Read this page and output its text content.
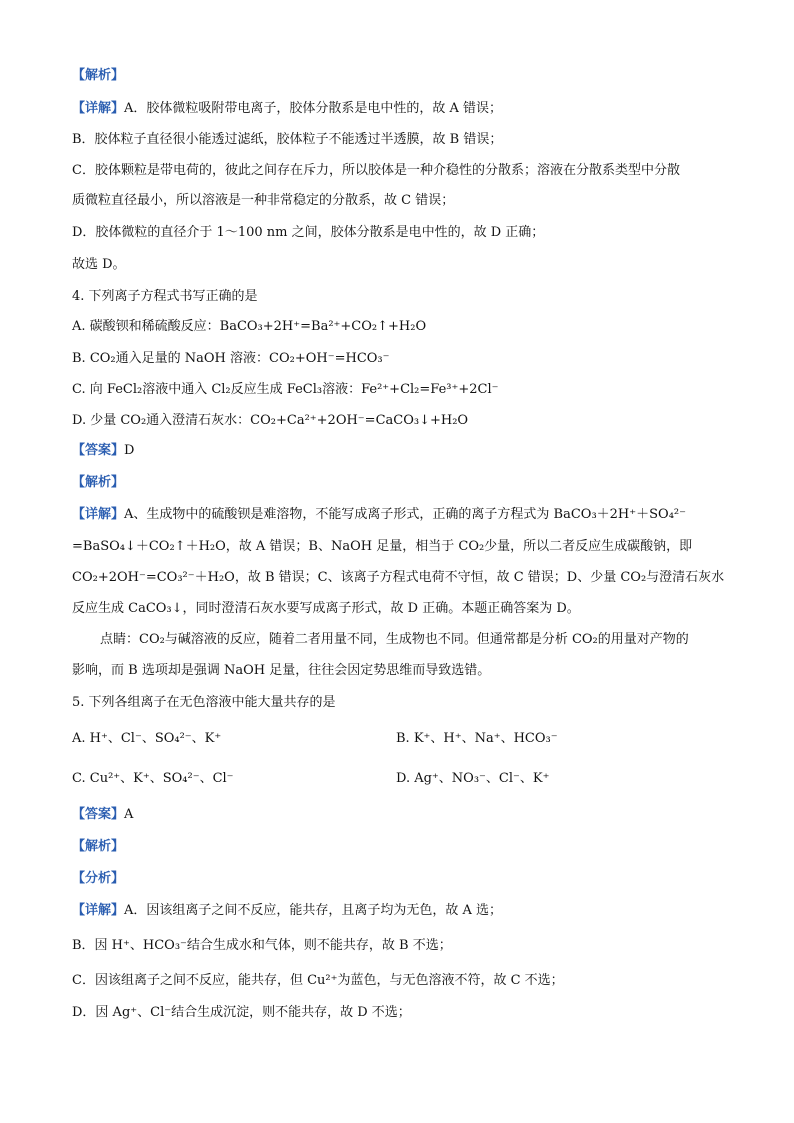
【解析】
【详解】A．胶体微粒吸附带电离子，胶体分散系是电中性的，故 A 错误；
B．胶体粒子直径很小能透过滤纸，胶体粒子不能透过半透膜，故 B 错误；
C．胶体颗粒是带电荷的，彼此之间存在斥力，所以胶体是一种介稳性的分散系；溶液在分散系类型中分散
质微粒直径最小，所以溶液是一种非常稳定的分散系，故 C 错误；
D．胶体微粒的直径介于 1～100 nm 之间，胶体分散系是电中性的，故 D 正确；
故选 D。
4. 下列离子方程式书写正确的是
A. 碳酸钡和稀硫酸反应：BaCO₃+2H⁺=Ba²⁺+CO₂↑+H₂O
B. CO₂通入足量的 NaOH 溶液：CO₂+OH⁻=HCO₃⁻
C. 向 FeCl₂溶液中通入 Cl₂反应生成 FeCl₃溶液：Fe²⁺+Cl₂=Fe³⁺+2Cl⁻
D. 少量 CO₂通入澄清石灰水：CO₂+Ca²⁺+2OH⁻=CaCO₃↓+H₂O
【答案】D
【解析】
【详解】A、生成物中的硫酸钡是难溶物，不能写成离子形式，正确的离子方程式为 BaCO₃＋2H⁺＋SO₄²⁻
=BaSO₄↓＋CO₂↑＋H₂O，故 A 错误；B、NaOH 足量，相当于 CO₂少量，所以二者反应生成碳酸钠，即
CO₂+2OH⁻=CO₃²⁻＋H₂O，故 B 错误；C、该离子方程式电荷不守恒，故 C 错误；D、少量 CO₂与澄清石灰水
反应生成 CaCO₃↓，同时澄清石灰水要写成离子形式，故 D 正确。本题正确答案为 D。
点睛：CO₂与碱溶液的反应，随着二者用量不同，生成物也不同。但通常都是分析 CO₂的用量对产物的
影响，而 B 选项却是强调 NaOH 足量，往往会因定势思维而导致选错。
5. 下列各组离子在无色溶液中能大量共存的是
A. H⁺、Cl⁻、SO₄²⁻、K⁺	B. K⁺、H⁺、Na⁺、HCO₃⁻
C. Cu²⁺、K⁺、SO₄²⁻、Cl⁻	D. Ag⁺、NO₃⁻、Cl⁻、K⁺
【答案】A
【解析】
【分析】
【详解】A．因该组离子之间不反应，能共存，且离子均为无色，故 A 选；
B．因 H⁺、HCO₃⁻结合生成水和气体，则不能共存，故 B 不选；
C．因该组离子之间不反应，能共存，但 Cu²⁺为蓝色，与无色溶液不符，故 C 不选；
D．因 Ag⁺、Cl⁻结合生成沉淀，则不能共存，故 D 不选；
